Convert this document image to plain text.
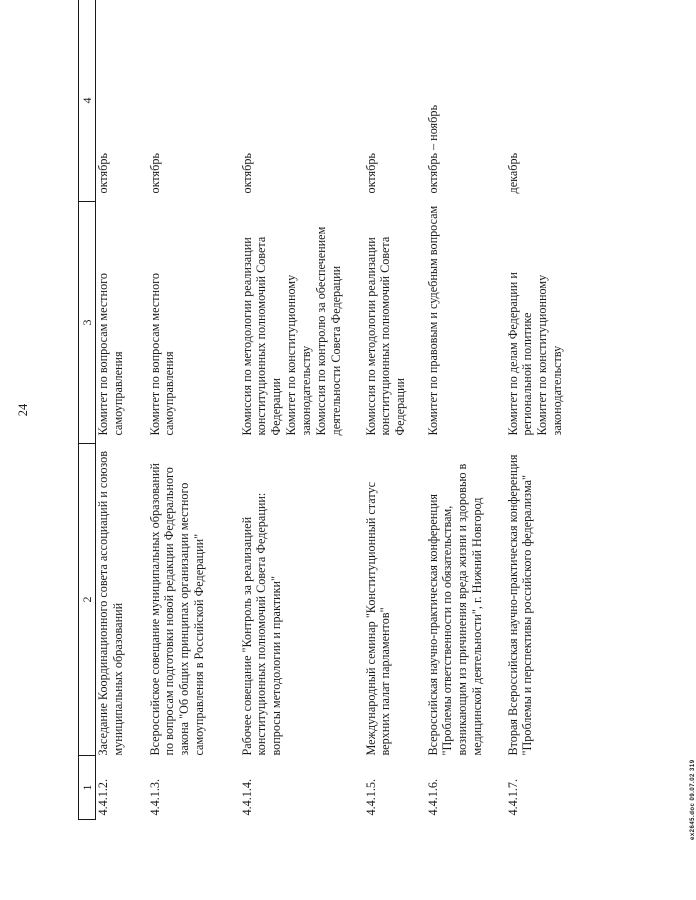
24
1	2	3	4
4.4.1.2.	Заседание Координационного совета ассоциаций и союзов муниципальных образований	Комитет по вопросам местного самоуправления	октябрь
4.4.1.3.	Всероссийское совещание муниципальных образований по вопросам подготовки новой редакции Федерального закона "Об общих принципах организации местного самоуправления в Российской Федерации"	Комитет по вопросам местного самоуправления	октябрь
4.4.1.4.	Рабочее совещание "Контроль за реализацией конституционных полномочий Совета Федерации: вопросы методологии и практики"	Комиссия по методологии реализации конституционных полномочий Совета Федерации
Комитет по конституционному законодательству
Комиссия по контролю за обеспечением деятельности Совета Федерации	октябрь
4.4.1.5.	Международный семинар "Конституционный статус верхних палат парламентов"	Комиссия по методологии реализации конституционных полномочий Совета Федерации	октябрь
4.4.1.6.	Всероссийская научно-практическая конференция "Проблемы ответственности по обязательствам, возникающим из причинения вреда жизни и здоровью в медицинской деятельности", г. Нижний Новгород	Комитет по правовым и судебным вопросам	октябрь – ноябрь
4.4.1.7.	Вторая Всероссийская научно-практическая конференция "Проблемы и перспективы российского федерализма"	Комитет по делам Федерации и региональной политике
Комитет по конституционному законодательству	декабрь
ex2645.doc 09.07.02 319
